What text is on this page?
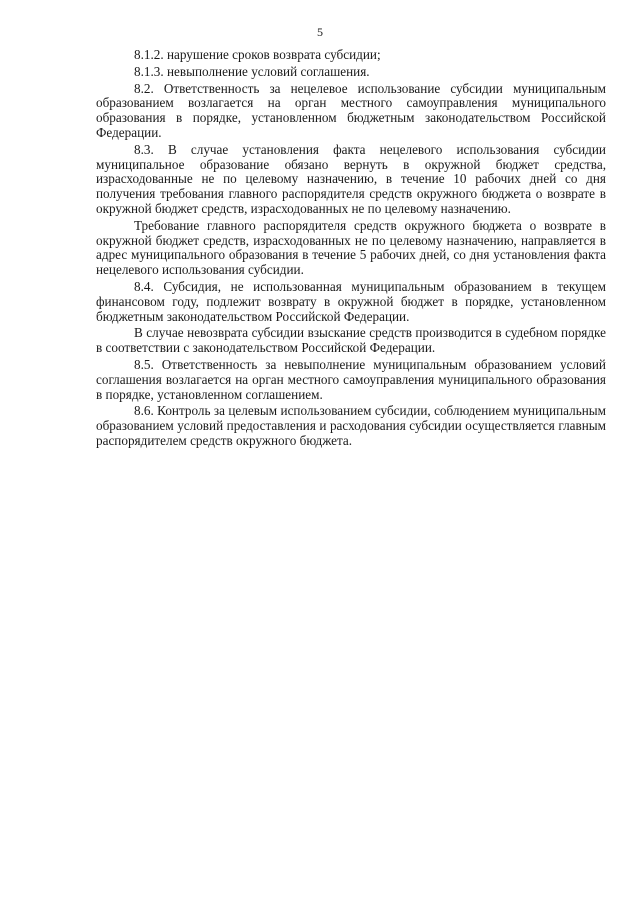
5

8.1.2. нарушение сроков возврата субсидии;

8.1.3. невыполнение условий соглашения.

8.2. Ответственность за нецелевое использование субсидии муниципальным образованием возлагается на орган местного самоуправления муниципального образования в порядке, установленном бюджетным законодательством Российской Федерации.

8.3. В случае установления факта нецелевого использования субсидии муниципальное образование обязано вернуть в окружной бюджет средства, израсходованные не по целевому назначению, в течение 10 рабочих дней со дня получения требования главного распорядителя средств окружного бюджета о возврате в окружной бюджет средств, израсходованных не по целевому назначению.

Требование главного распорядителя средств окружного бюджета о возврате в окружной бюджет средств, израсходованных не по целевому назначению, направляется в адрес муниципального образования в течение 5 рабочих дней, со дня установления факта нецелевого использования субсидии.

8.4. Субсидия, не использованная муниципальным образованием в текущем финансовом году, подлежит возврату в окружной бюджет в порядке, установленном бюджетным законодательством Российской Федерации.

В случае невозврата субсидии взыскание средств производится в судебном порядке в соответствии с законодательством Российской Федерации.

8.5. Ответственность за невыполнение муниципальным образованием условий соглашения возлагается на орган местного самоуправления муниципального образования в порядке, установленном соглашением.

8.6. Контроль за целевым использованием субсидии, соблюдением муниципальным образованием условий предоставления и расходования субсидии осуществляется главным распорядителем средств окружного бюджета.
